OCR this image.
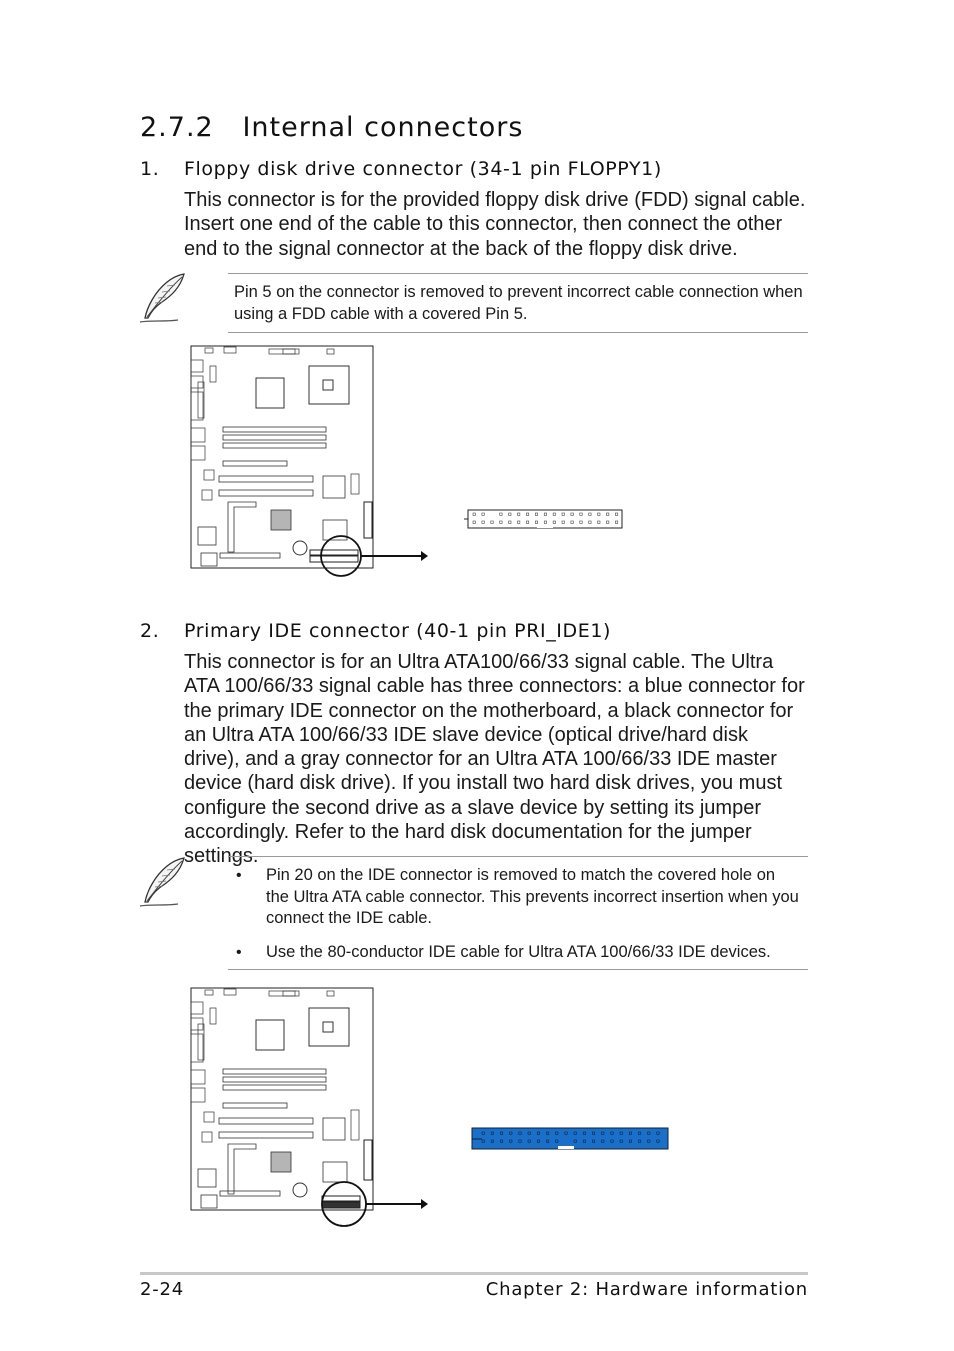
2.7.2 Internal connectors
1. Floppy disk drive connector (34-1 pin FLOPPY1)
This connector is for the provided floppy disk drive (FDD) signal cable. Insert one end of the cable to this connector, then connect the other end to the signal connector at the back of the floppy disk drive.
Pin 5 on the connector is removed to prevent incorrect cable connection when using a FDD cable with a covered Pin 5.
2. Primary IDE connector (40-1 pin PRI_IDE1)
This connector is for an Ultra ATA100/66/33 signal cable. The Ultra ATA 100/66/33 signal cable has three connectors: a blue connector for the primary IDE connector on the motherboard, a black connector for an Ultra ATA 100/66/33 IDE slave device (optical drive/hard disk drive), and a gray connector for an Ultra ATA 100/66/33 IDE master device (hard disk drive). If you install two hard disk drives, you must configure the second drive as a slave device by setting its jumper accordingly. Refer to the hard disk documentation for the jumper settings.
• Pin 20 on the IDE connector is removed to match the covered hole on the Ultra ATA cable connector. This prevents incorrect insertion when you connect the IDE cable.
• Use the 80-conductor IDE cable for Ultra ATA 100/66/33 IDE devices.
2-24	Chapter 2: Hardware information
